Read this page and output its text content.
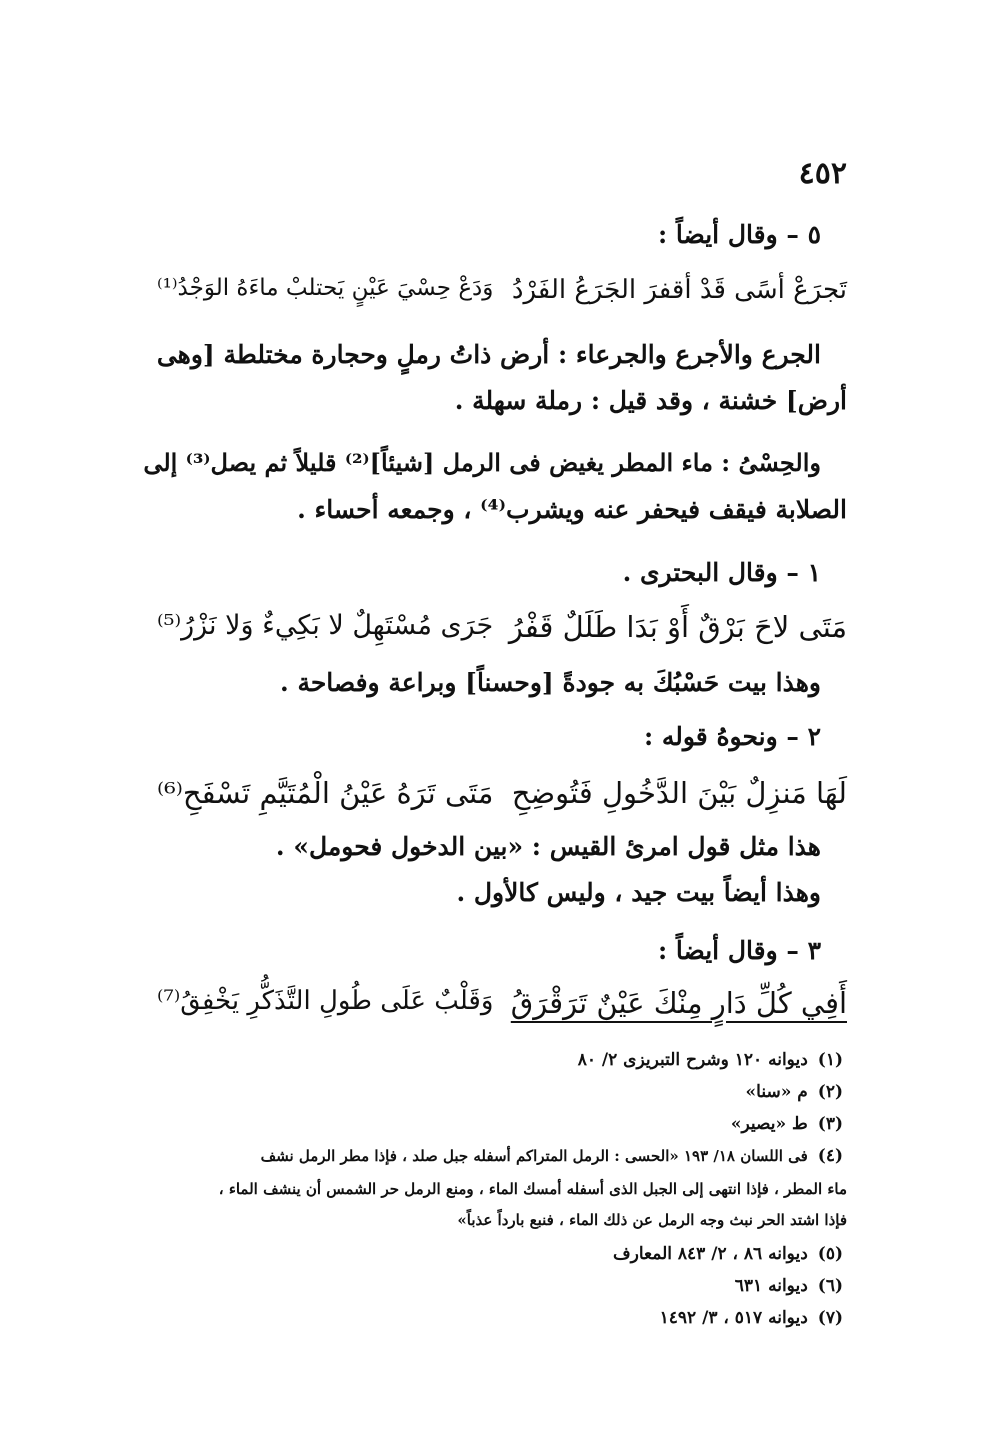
٤٥٢
٥ – وقال أيضاً :
تَجرَعْ أسًى قَدْ أقفرَ الجَرَعُ الفَرْدُ
وَدَعْ حِسْيَ عَيْنٍ يَحتلبْ ماءَهُ الوَجْدُ⁽¹⁾
الجرع والأجرع والجرعاء : أرض ذاتُ رملٍ وحجارة مختلطة [وهى
أرض] خشنة ، وقد قيل : رملة سهلة .
والحِسْىُ : ماء المطر يغيض فى الرمل [شيئاً]⁽²⁾ قليلاً ثم يصل⁽³⁾ إلى
الصلابة فيقف فيحفر عنه ويشرب⁽⁴⁾ ، وجمعه أحساء .
١ – وقال البحترى .
مَتَى لاحَ بَرْقٌ أَوْ بَدَا طَلَلٌ قَفْرُ
جَرَى مُسْتَهِلٌ لا بَكِيءٌ وَلا نَزْرُ⁽⁵⁾
وهذا بيت حَسْبُكَ به جودةً [وحسناً] وبراعة وفصاحة .
٢ – ونحوهُ قوله :
لَهَا مَنزِلٌ بَيْنَ الدَّخُولِ فَتُوضِحِ
مَتَى تَرَهُ عَيْنُ الْمُتَيَّمِ تَسْفَحِ⁽⁶⁾
هذا مثل قول امرئ القيس : «بين الدخول فحومل» .
وهذا أيضاً بيت جيد ، وليس كالأول .
٣ – وقال أيضاً :
أَفِي كُلِّ دَارٍ مِنْكَ عَيْنٌ تَرَقْرَقُ
وَقَلْبٌ عَلَى طُولِ التَّذَكُّرِ يَخْفِقُ⁽⁷⁾
(١)ديوانه ١٢٠ وشرح التبريزى ٢/ ٨٠
(٢)م «سنا»
(٣)ط «يصير»
(٤)فى اللسان ١٨/ ١٩٣ «الحسى : الرمل المتراكم أسفله جبل صلد ، فإذا مطر الرمل نشف
ماء المطر ، فإذا انتهى إلى الجبل الذى أسفله أمسك الماء ، ومنع الرمل حر الشمس أن ينشف الماء ،
فإذا اشتد الحر نبث وجه الرمل عن ذلك الماء ، فنبع بارداً عذباً»
(٥)ديوانه ٨٦ ، ٢/ ٨٤٣ المعارف
(٦)ديوانه ٦٣١
(٧)ديوانه ٥١٧ ، ٣/ ١٤٩٢
